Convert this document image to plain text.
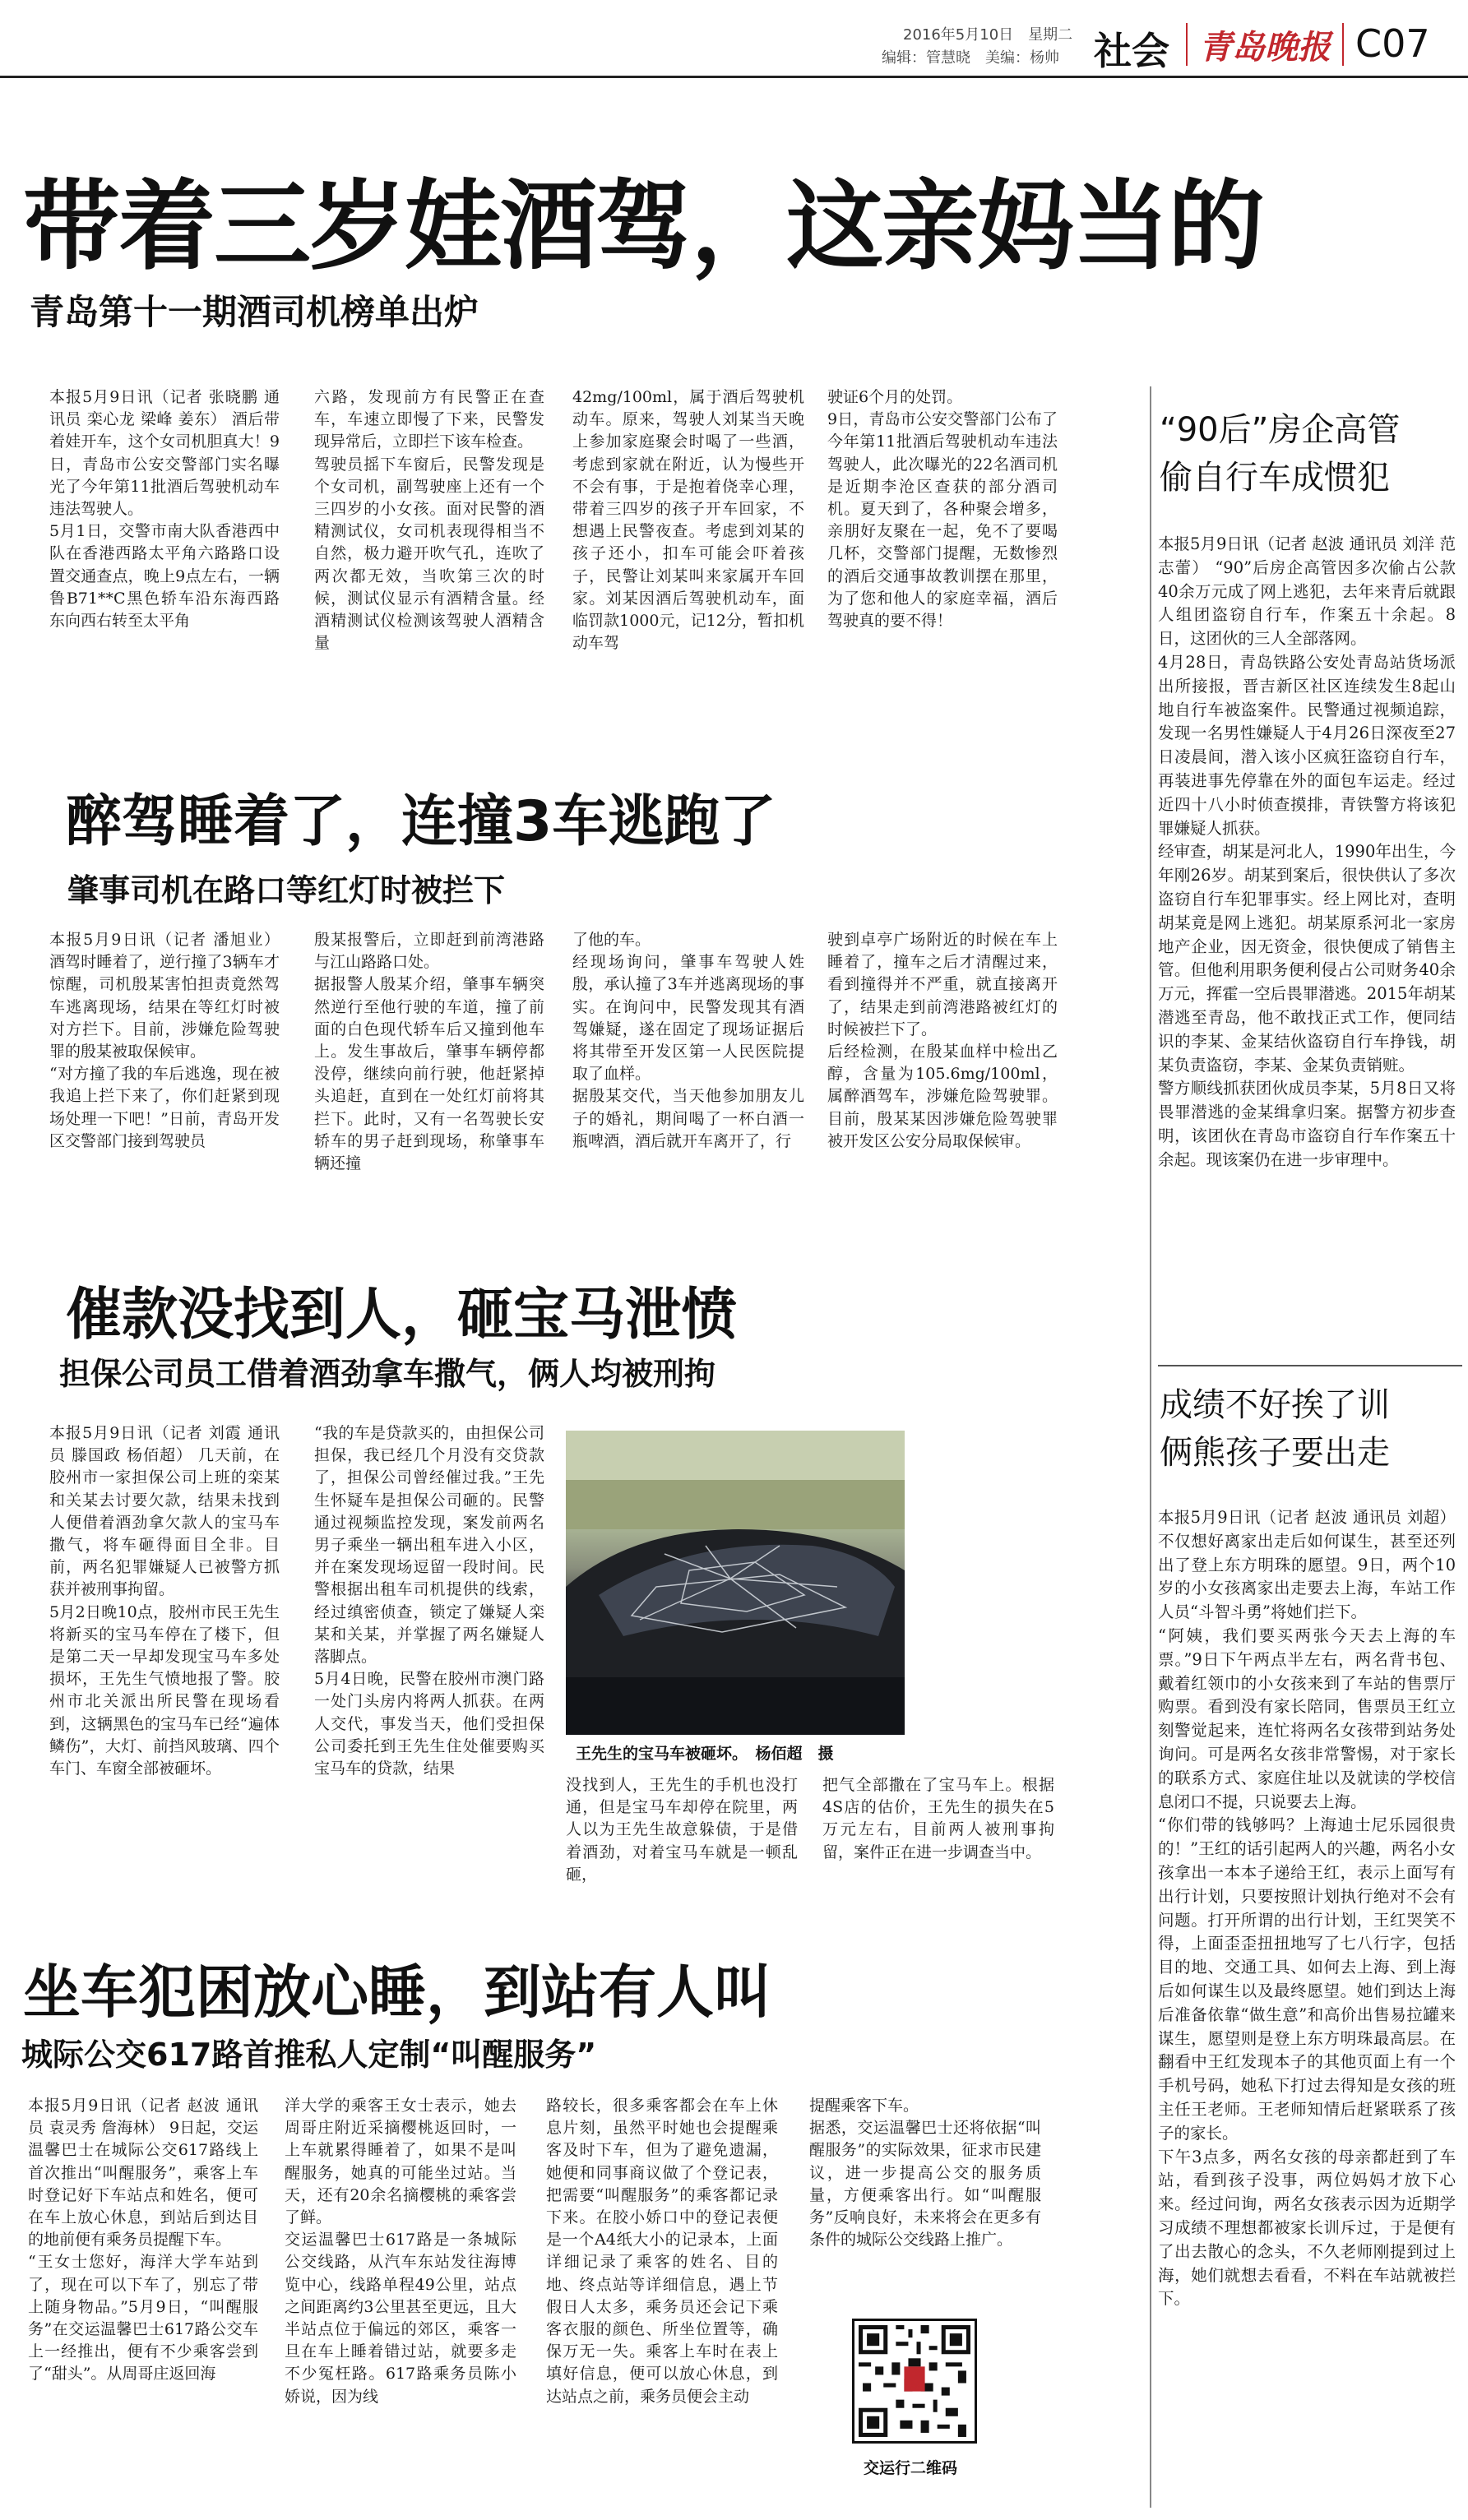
2016年5月10日　星期二
编辑：管慧晓　美编：杨帅 社会 青岛晚报 C07
带着三岁娃酒驾，这亲妈当的
青岛第十一期酒司机榜单出炉
本报5月9日讯（记者 张晓鹏 通讯员 栾心龙 梁峰 姜东） 酒后带着娃开车，这个女司机胆真大！9日，青岛市公安交警部门实名曝光了今年第11批酒后驾驶机动车违法驾驶人。
5月1日，交警市南大队香港西中队在香港西路太平角六路路口设置交通查点，晚上9点左右，一辆鲁B71**C黑色轿车沿东海西路东向西右转至太平角
六路，发现前方有民警正在查车，车速立即慢了下来，民警发现异常后，立即拦下该车检查。
驾驶员摇下车窗后，民警发现是个女司机，副驾驶座上还有一个三四岁的小女孩。面对民警的酒精测试仪，女司机表现得相当不自然，极力避开吹气孔，连吹了两次都无效，当吹第三次的时候，测试仪显示有酒精含量。经酒精测试仪检测该驾驶人酒精含量
42mg/100ml，属于酒后驾驶机动车。原来，驾驶人刘某当天晚上参加家庭聚会时喝了一些酒，考虑到家就在附近，认为慢些开不会有事，于是抱着侥幸心理，带着三四岁的孩子开车回家，不想遇上民警夜查。考虑到刘某的孩子还小，扣车可能会吓着孩子，民警让刘某叫来家属开车回家。刘某因酒后驾驶机动车，面临罚款1000元，记12分，暂扣机动车驾
驶证6个月的处罚。
9日，青岛市公安交警部门公布了今年第11批酒后驾驶机动车违法驾驶人，此次曝光的22名酒司机是近期李沧区查获的部分酒司机。夏天到了，各种聚会增多，亲朋好友聚在一起，免不了要喝几杯，交警部门提醒，无数惨烈的酒后交通事故教训摆在那里，为了您和他人的家庭幸福，酒后驾驶真的要不得！
醉驾睡着了，连撞3车逃跑了
肇事司机在路口等红灯时被拦下
本报5月9日讯（记者 潘旭业） 酒驾时睡着了，逆行撞了3辆车才惊醒，司机殷某害怕担责竟然驾车逃离现场，结果在等红灯时被对方拦下。目前，涉嫌危险驾驶罪的殷某被取保候审。
“对方撞了我的车后逃逸，现在被我追上拦下来了，你们赶紧到现场处理一下吧！”日前，青岛开发区交警部门接到驾驶员
殷某报警后，立即赶到前湾港路与江山路路口处。
据报警人殷某介绍，肇事车辆突然逆行至他行驶的车道，撞了前面的白色现代轿车后又撞到他车上。发生事故后，肇事车辆停都没停，继续向前行驶，他赶紧掉头追赶，直到在一处红灯前将其拦下。此时，又有一名驾驶长安轿车的男子赶到现场，称肇事车辆还撞
了他的车。
经现场询问，肇事车驾驶人姓殷，承认撞了3车并逃离现场的事实。在询问中，民警发现其有酒驾嫌疑，遂在固定了现场证据后将其带至开发区第一人民医院提取了血样。
据殷某交代，当天他参加朋友儿子的婚礼，期间喝了一杯白酒一瓶啤酒，酒后就开车离开了，行
驶到卓亭广场附近的时候在车上睡着了，撞车之后才清醒过来，看到撞得并不严重，就直接离开了，结果走到前湾港路被红灯的时候被拦下了。
后经检测，在殷某血样中检出乙醇，含量为105.6mg/100ml，属醉酒驾车，涉嫌危险驾驶罪。目前，殷某某因涉嫌危险驾驶罪被开发区公安分局取保候审。
催款没找到人，砸宝马泄愤
担保公司员工借着酒劲拿车撒气，俩人均被刑拘
本报5月9日讯（记者 刘霞 通讯员 滕国政 杨佰超） 几天前，在胶州市一家担保公司上班的栾某和关某去讨要欠款，结果未找到人便借着酒劲拿欠款人的宝马车撒气，将车砸得面目全非。目前，两名犯罪嫌疑人已被警方抓获并被刑事拘留。
5月2日晚10点，胶州市民王先生将新买的宝马车停在了楼下，但是第二天一早却发现宝马车多处损坏，王先生气愤地报了警。胶州市北关派出所民警在现场看到，这辆黑色的宝马车已经“遍体鳞伤”，大灯、前挡风玻璃、四个车门、车窗全部被砸坏。
“我的车是贷款买的，由担保公司担保，我已经几个月没有交贷款了，担保公司曾经催过我。”王先生怀疑车是担保公司砸的。民警通过视频监控发现，案发前两名男子乘坐一辆出租车进入小区，并在案发现场逗留一段时间。民警根据出租车司机提供的线索，经过缜密侦查，锁定了嫌疑人栾某和关某，并掌握了两名嫌疑人落脚点。
5月4日晚，民警在胶州市澳门路一处门头房内将两人抓获。在两人交代，事发当天，他们受担保公司委托到王先生住处催要购买宝马车的贷款，结果
王先生的宝马车被砸坏。　杨佰超　摄
没找到人，王先生的手机也没打通，但是宝马车却停在院里，两人以为王先生故意躲债，于是借着酒劲，对着宝马车就是一顿乱砸，
把气全部撒在了宝马车上。根据4S店的估价，王先生的损失在5万元左右，目前两人被刑事拘留，案件正在进一步调查当中。
坐车犯困放心睡，到站有人叫
城际公交617路首推私人定制“叫醒服务”
本报5月9日讯（记者 赵波 通讯员 袁灵秀 詹海林） 9日起，交运温馨巴士在城际公交617路线上首次推出“叫醒服务”，乘客上车时登记好下车站点和姓名，便可在车上放心休息，到站后到达目的地前便有乘务员提醒下车。
“王女士您好，海洋大学车站到了，现在可以下车了，别忘了带上随身物品。”5月9日，“叫醒服务”在交运温馨巴士617路公交车上一经推出，便有不少乘客尝到了“甜头”。从周哥庄返回海
洋大学的乘客王女士表示，她去周哥庄附近采摘樱桃返回时，一上车就累得睡着了，如果不是叫醒服务，她真的可能坐过站。当天，还有20余名摘樱桃的乘客尝了鲜。
交运温馨巴士617路是一条城际公交线路，从汽车东站发往海博览中心，线路单程49公里，站点之间距离约3公里甚至更远，且大半站点位于偏远的郊区，乘客一旦在车上睡着错过站，就要多走不少冤枉路。617路乘务员陈小娇说，因为线
路较长，很多乘客都会在车上休息片刻，虽然平时她也会提醒乘客及时下车，但为了避免遗漏，她便和同事商议做了个登记表，把需要“叫醒服务”的乘客都记录下来。在胶小娇口中的登记表便是一个A4纸大小的记录本，上面详细记录了乘客的姓名、目的地、终点站等详细信息，遇上节假日人太多，乘务员还会记下乘客衣服的颜色、所坐位置等，确保万无一失。乘客上车时在表上填好信息，便可以放心休息，到达站点之前，乘务员便会主动
提醒乘客下车。
据悉，交运温馨巴士还将依据“叫醒服务”的实际效果，征求市民建议，进一步提高公交的服务质量，方便乘客出行。如“叫醒服务”反响良好，未来将会在更多有条件的城际公交线路上推广。
交运行二维码
“90后”房企高管
偷自行车成惯犯
本报5月9日讯（记者 赵波 通讯员 刘洋 范志蕾） “90”后房企高管因多次偷占公款40余万元成了网上逃犯，去年来青后就跟人组团盗窃自行车，作案五十余起。8日，这团伙的三人全部落网。
4月28日，青岛铁路公安处青岛站货场派出所接报，晋吉新区社区连续发生8起山地自行车被盗案件。民警通过视频追踪，发现一名男性嫌疑人于4月26日深夜至27日凌晨间，潜入该小区疯狂盗窃自行车，再装进事先停靠在外的面包车运走。经过近四十八小时侦查摸排，青铁警方将该犯罪嫌疑人抓获。
经审查，胡某是河北人，1990年出生，今年刚26岁。胡某到案后，很快供认了多次盗窃自行车犯罪事实。经上网比对，查明胡某竟是网上逃犯。胡某原系河北一家房地产企业，因无资金，很快便成了销售主管。但他利用职务便利侵占公司财务40余万元，挥霍一空后畏罪潜逃。2015年胡某潜逃至青岛，他不敢找正式工作，便同结识的李某、金某结伙盗窃自行车挣钱，胡某负责盗窃，李某、金某负责销赃。
警方顺线抓获团伙成员李某，5月8日又将畏罪潜逃的金某缉拿归案。据警方初步查明，该团伙在青岛市盗窃自行车作案五十余起。现该案仍在进一步审理中。
成绩不好挨了训
俩熊孩子要出走
本报5月9日讯（记者 赵波 通讯员 刘超） 不仅想好离家出走后如何谋生，甚至还列出了登上东方明珠的愿望。9日，两个10岁的小女孩离家出走要去上海，车站工作人员“斗智斗勇”将她们拦下。
“阿姨，我们要买两张今天去上海的车票。”9日下午两点半左右，两名背书包、戴着红领巾的小女孩来到了车站的售票厅购票。看到没有家长陪同，售票员王红立刻警觉起来，连忙将两名女孩带到站务处询问。可是两名女孩非常警惕，对于家长的联系方式、家庭住址以及就读的学校信息闭口不提，只说要去上海。
“你们带的钱够吗？上海迪士尼乐园很贵的！”王红的话引起两人的兴趣，两名小女孩拿出一本本子递给王红，表示上面写有出行计划，只要按照计划执行绝对不会有问题。打开所谓的出行计划，王红哭笑不得，上面歪歪扭扭地写了七八行字，包括目的地、交通工具、如何去上海、到上海后如何谋生以及最终愿望。她们到达上海后准备依靠“做生意”和高价出售易拉罐来谋生，愿望则是登上东方明珠最高层。在翻看中王红发现本子的其他页面上有一个手机号码，她私下打过去得知是女孩的班主任王老师。王老师知情后赶紧联系了孩子的家长。
下午3点多，两名女孩的母亲都赶到了车站，看到孩子没事，两位妈妈才放下心来。经过问询，两名女孩表示因为近期学习成绩不理想都被家长训斥过，于是便有了出去散心的念头，不久老师刚提到过上海，她们就想去看看，不料在车站就被拦下。
